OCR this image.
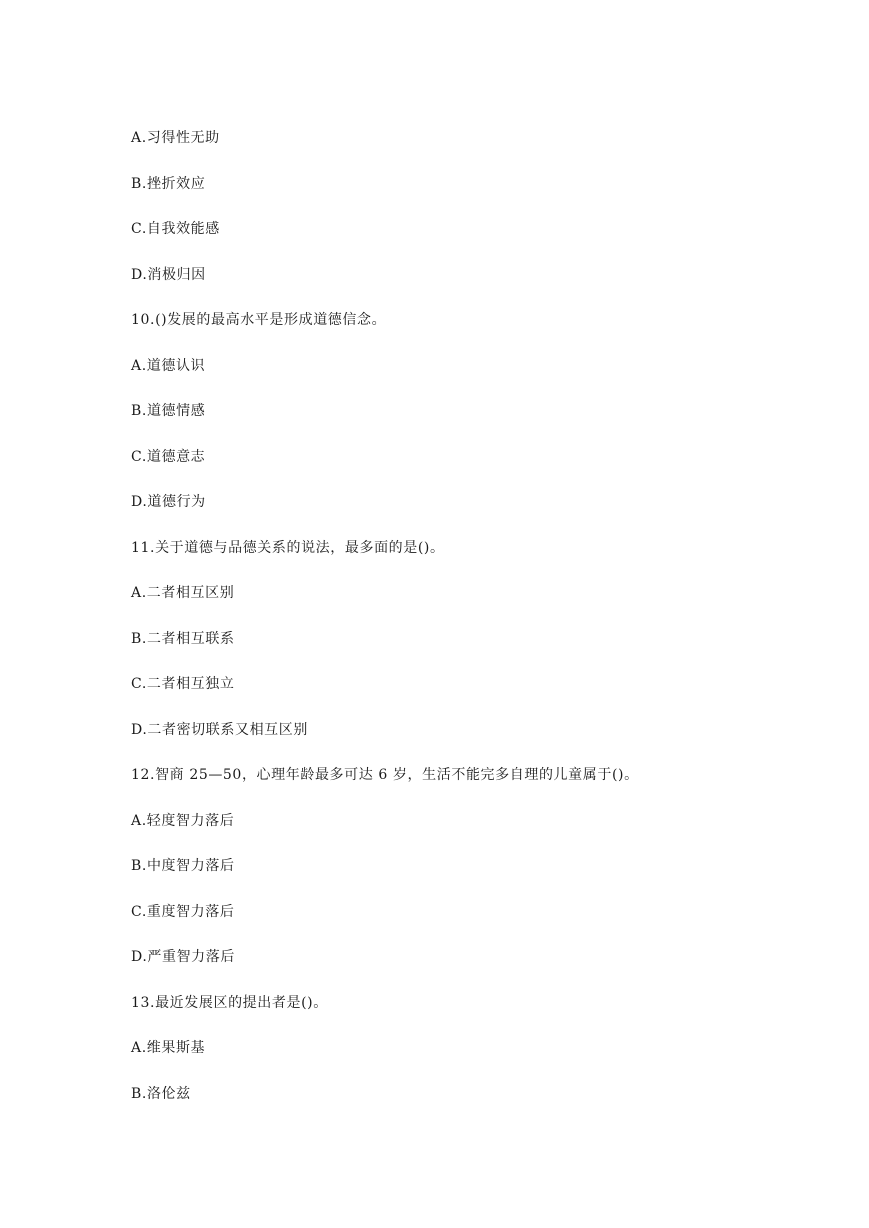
A.习得性无助
B.挫折效应
C.自我效能感
D.消极归因
10.()发展的最高水平是形成道德信念。
A.道德认识
B.道德情感
C.道德意志
D.道德行为
11.关于道德与品德关系的说法，最多面的是()。
A.二者相互区别
B.二者相互联系
C.二者相互独立
D.二者密切联系又相互区别
12.智商 25—50，心理年龄最多可达 6 岁，生活不能完多自理的儿童属于()。
A.轻度智力落后
B.中度智力落后
C.重度智力落后
D.严重智力落后
13.最近发展区的提出者是()。
A.维果斯基
B.洛伦兹
